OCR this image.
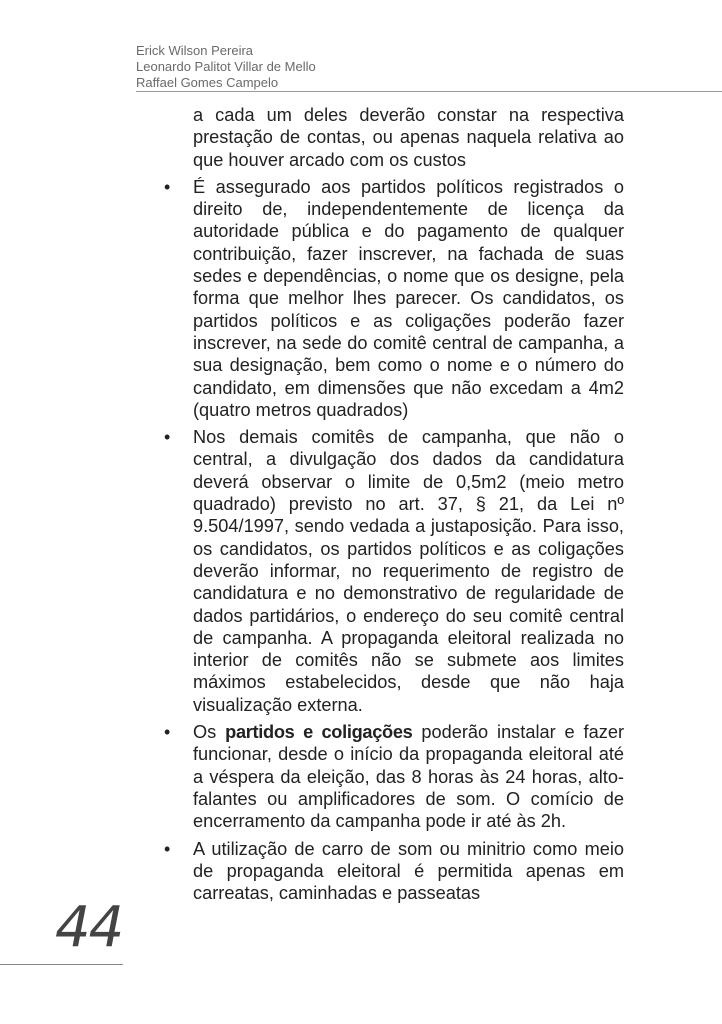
Erick Wilson Pereira
Leonardo Palitot Villar de Mello
Raffael Gomes Campelo

a cada um deles deverão constar na respectiva prestação de contas, ou apenas naquela relativa ao que houver arcado com os custos

•	É assegurado aos partidos políticos registrados o direito de, independentemente de licença da autoridade pública e do pagamento de qualquer contribuição, fazer inscrever, na fachada de suas sedes e dependências, o nome que os designe, pela forma que melhor lhes parecer. Os candidatos, os partidos políticos e as coligações poderão fazer inscrever, na sede do comitê central de campanha, a sua designação, bem como o nome e o número do candidato, em dimensões que não excedam a 4m2 (quatro metros quadrados)

•	Nos demais comitês de campanha, que não o central, a divulgação dos dados da candidatura deverá observar o limite de 0,5m2 (meio metro quadrado) previsto no art. 37, § 21, da Lei nº 9.504/1997, sendo vedada a justaposição. Para isso, os candidatos, os partidos políticos e as coligações deverão informar, no requerimento de registro de candidatura e no demonstrativo de regularidade de dados partidários, o endereço do seu comitê central de campanha. A propaganda eleitoral realizada no interior de comitês não se submete aos limites máximos estabelecidos, desde que não haja visualização externa.

•	Os partidos e coligações poderão instalar e fazer funcionar, desde o início da propaganda eleitoral até a véspera da eleição, das 8 horas às 24 horas, alto-falantes ou amplificadores de som. O comício de encerramento da campanha pode ir até às 2h.

•	A utilização de carro de som ou minitrio como meio de propaganda eleitoral é permitida apenas em carreatas, caminhadas e passeatas

44
